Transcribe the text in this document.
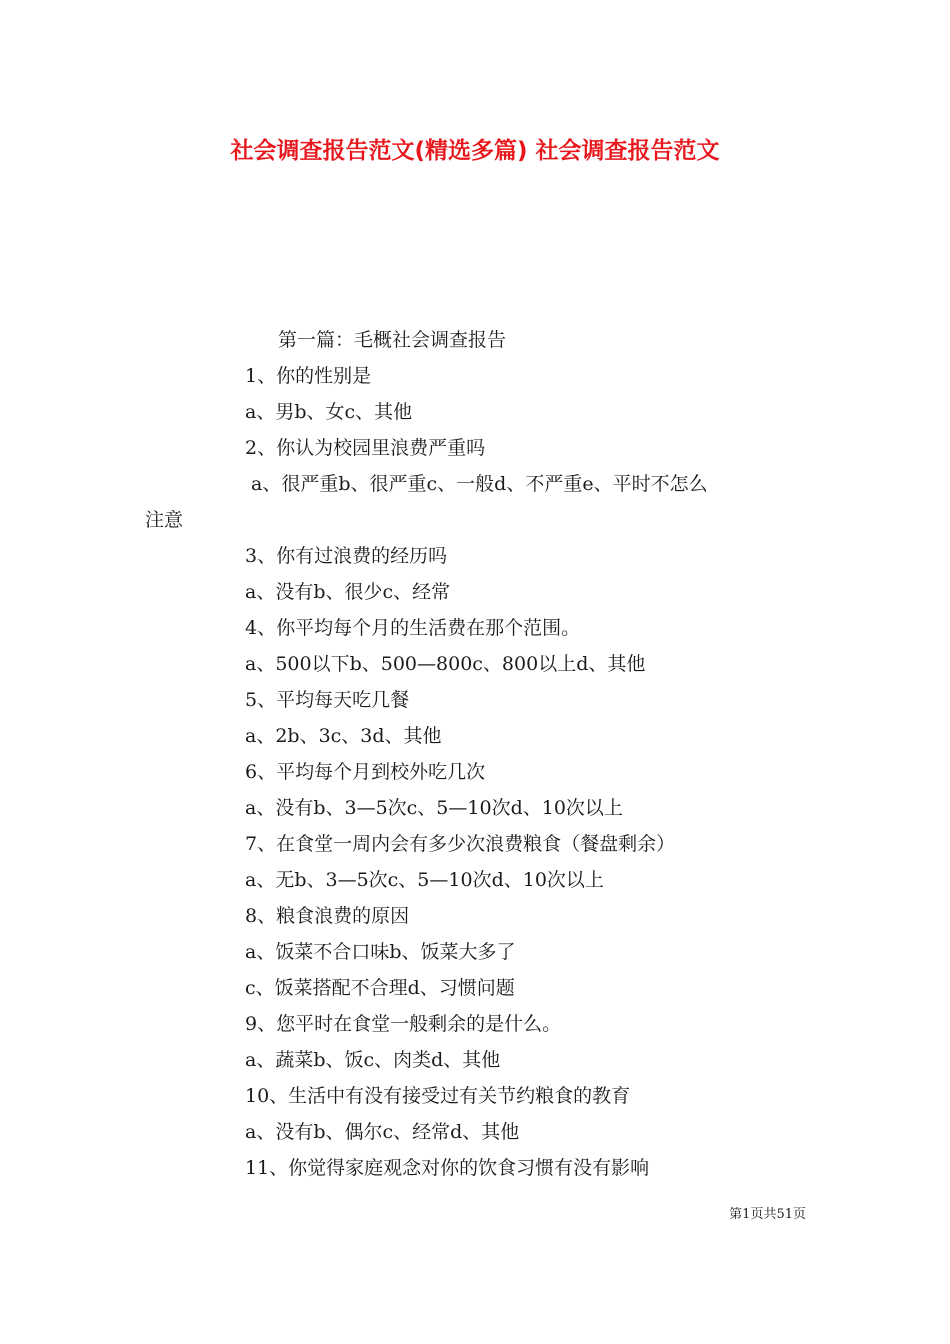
社会调查报告范文(精选多篇) 社会调查报告范文
第一篇：毛概社会调查报告
1、你的性别是
a、男b、女c、其他
2、你认为校园里浪费严重吗
a、很严重b、很严重c、一般d、不严重e、平时不怎么
注意
3、你有过浪费的经历吗
a、没有b、很少c、经常
4、你平均每个月的生活费在那个范围。
a、500以下b、500—800c、800以上d、其他
5、平均每天吃几餐
a、2b、3c、3d、其他
6、平均每个月到校外吃几次
a、没有b、3—5次c、5—10次d、10次以上
7、在食堂一周内会有多少次浪费粮食（餐盘剩余）
a、无b、3—5次c、5—10次d、10次以上
8、粮食浪费的原因
a、饭菜不合口味b、饭菜大多了
c、饭菜搭配不合理d、习惯问题
9、您平时在食堂一般剩余的是什么。
a、蔬菜b、饭c、肉类d、其他
10、生活中有没有接受过有关节约粮食的教育
a、没有b、偶尔c、经常d、其他
11、你觉得家庭观念对你的饮食习惯有没有影响
第1页共51页
